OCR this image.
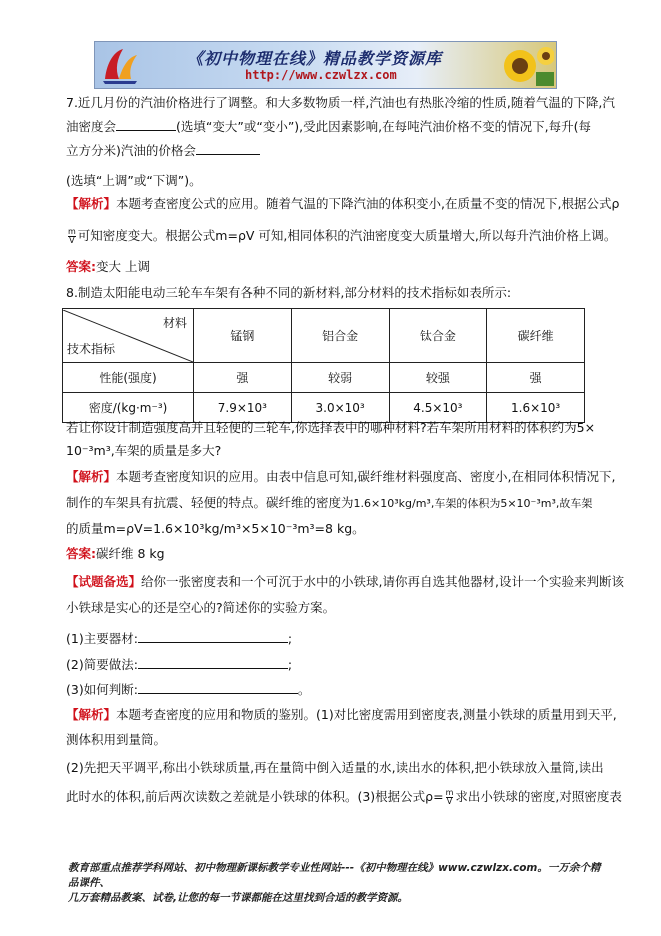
《初中物理在线》精品教学资源库
http://www.czwlzx.com
7.近几月份的汽油价格进行了调整。和大多数物质一样,汽油也有热胀冷缩的性质,随着气温的下降,汽
油密度会	(选填“变大”或“变小”),受此因素影响,在每吨汽油价格不变的情况下,每升(每
立方分米)汽油的价格会
(选填“上调”或“下调”)。
【解析】本题考查密度公式的应用。随着气温的下降汽油的体积变小,在质量不变的情况下,根据公式ρ
$\frac{m}{V}$ 可知密度变大。根据公式m=ρV 可知,相同体积的汽油密度变大质量增大,所以每升汽油价格上调。
答案:变大 上调
8.制造太阳能电动三轮车车架有各种不同的新材料,部分材料的技术指标如表所示:
材料
技术指标	锰钢	铝合金	钛合金	碳纤维
性能(强度)	强	较弱	较强	强
密度/(kg·m⁻³)	7.9×10³	3.0×10³	4.5×10³	1.6×10³
若让你设计制造强度高并且轻便的三轮车,你选择表中的哪种材料?若车架所用材料的体积约为5×
10⁻³m³,车架的质量是多大?
【解析】本题考查密度知识的应用。由表中信息可知,碳纤维材料强度高、密度小,在相同体积情况下,
制作的车架具有抗震、轻便的特点。碳纤维的密度为1.6×10³kg/m³,车架的体积为5×10⁻³m³,故车架
的质量m=ρV=1.6×10³kg/m³×5×10⁻³m³=8 kg。
答案:碳纤维 8 kg
【试题备选】给你一张密度表和一个可沉于水中的小铁球,请你再自选其他器材,设计一个实验来判断该
小铁球是实心的还是空心的?简述你的实验方案。
(1)主要器材:	;
(2)简要做法:	;
(3)如何判断:	。
【解析】本题考查密度的应用和物质的鉴别。(1)对比密度需用到密度表,测量小铁球的质量用到天平,
测体积用到量筒。
(2)先把天平调平,称出小铁球质量,再在量筒中倒入适量的水,读出水的体积,把小铁球放入量筒,读出
此时水的体积,前后两次读数之差就是小铁球的体积。(3)根据公式$\rho= \frac{m}{V}$ 求出小铁球的密度,对照密度表
教育部重点推荐学科网站、初中物理新课标教学专业性网站---《初中物理在线》www.czwlzx.com。一万余个精品课件、
几万套精品教案、试卷,让您的每一节课都能在这里找到合适的教学资源。
